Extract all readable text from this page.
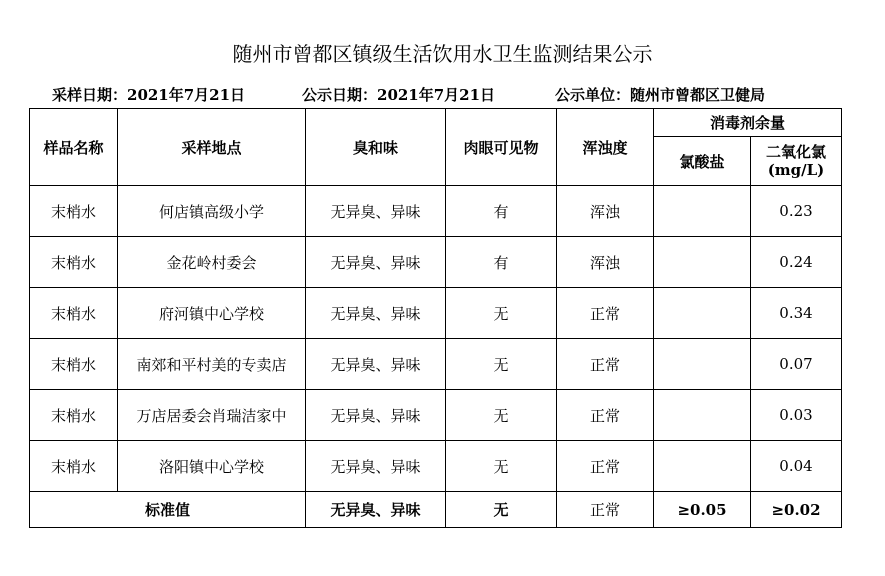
随州市曾都区镇级生活饮用水卫生监测结果公示
采样日期：2021年7月21日	公示日期：2021年7月21日	公示单位：随州市曾都区卫健局
样品名称	采样地点	臭和味	肉眼可见物	浑浊度	消毒剂余量	
					氯酸盐	二氧化氯
(mg/L)

末梢水	何店镇高级小学	无异臭、异味	有	浑浊		0.23
末梢水	金花岭村委会	无异臭、异味	有	浑浊		0.24
末梢水	府河镇中心学校	无异臭、异味	无	正常		0.34
末梢水	南郊和平村美的专卖店	无异臭、异味	无	正常		0.07
末梢水	万店居委会肖瑞洁家中	无异臭、异味	无	正常		0.03
末梢水	洛阳镇中心学校	无异臭、异味	无	正常		0.04
标准值		无异臭、异味	无	正常	≥0.05	≥0.02
